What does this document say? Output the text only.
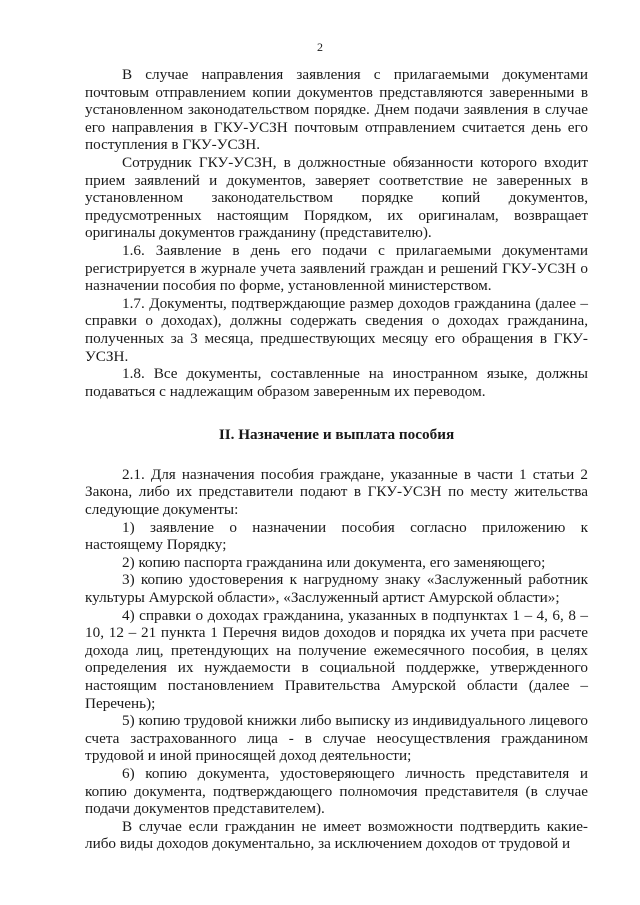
2

В случае направления заявления с прилагаемыми документами почтовым отправлением копии документов представляются заверенными в установленном законодательством порядке. Днем подачи заявления в случае его направления в ГКУ-УСЗН почтовым отправлением считается день его поступления в ГКУ-УСЗН.

Сотрудник ГКУ-УСЗН, в должностные обязанности которого входит прием заявлений и документов, заверяет соответствие не заверенных в установленном законодательством порядке копий документов, предусмотренных настоящим Порядком, их оригиналам, возвращает оригиналы документов гражданину (представителю).

1.6. Заявление в день его подачи с прилагаемыми документами регистрируется в журнале учета заявлений граждан и решений ГКУ-УСЗН о назначении пособия по форме, установленной министерством.

1.7. Документы, подтверждающие размер доходов гражданина (далее – справки о доходах), должны содержать сведения о доходах гражданина, полученных за 3 месяца, предшествующих месяцу его обращения в ГКУ-УСЗН.

1.8. Все документы, составленные на иностранном языке, должны подаваться с надлежащим образом заверенным их переводом.

II. Назначение и выплата пособия

2.1. Для назначения пособия граждане, указанные в части 1 статьи 2 Закона, либо их представители подают в ГКУ-УСЗН по месту жительства следующие документы:

1) заявление о назначении пособия согласно приложению к настоящему Порядку;

2) копию паспорта гражданина или документа, его заменяющего;

3) копию удостоверения к нагрудному знаку «Заслуженный работник культуры Амурской области», «Заслуженный артист Амурской области»;

4) справки о доходах гражданина, указанных в подпунктах 1 – 4, 6, 8 – 10, 12 – 21 пункта 1 Перечня видов доходов и порядка их учета при расчете дохода лиц, претендующих на получение ежемесячного пособия, в целях определения их нуждаемости в социальной поддержке, утвержденного настоящим постановлением Правительства Амурской области (далее – Перечень);

5) копию трудовой книжки либо выписку из индивидуального лицевого счета застрахованного лица - в случае неосуществления гражданином трудовой и иной приносящей доход деятельности;

6) копию документа, удостоверяющего личность представителя и копию документа, подтверждающего полномочия представителя (в случае подачи документов представителем).

В случае если гражданин не имеет возможности подтвердить какие-либо виды доходов документально, за исключением доходов от трудовой и
